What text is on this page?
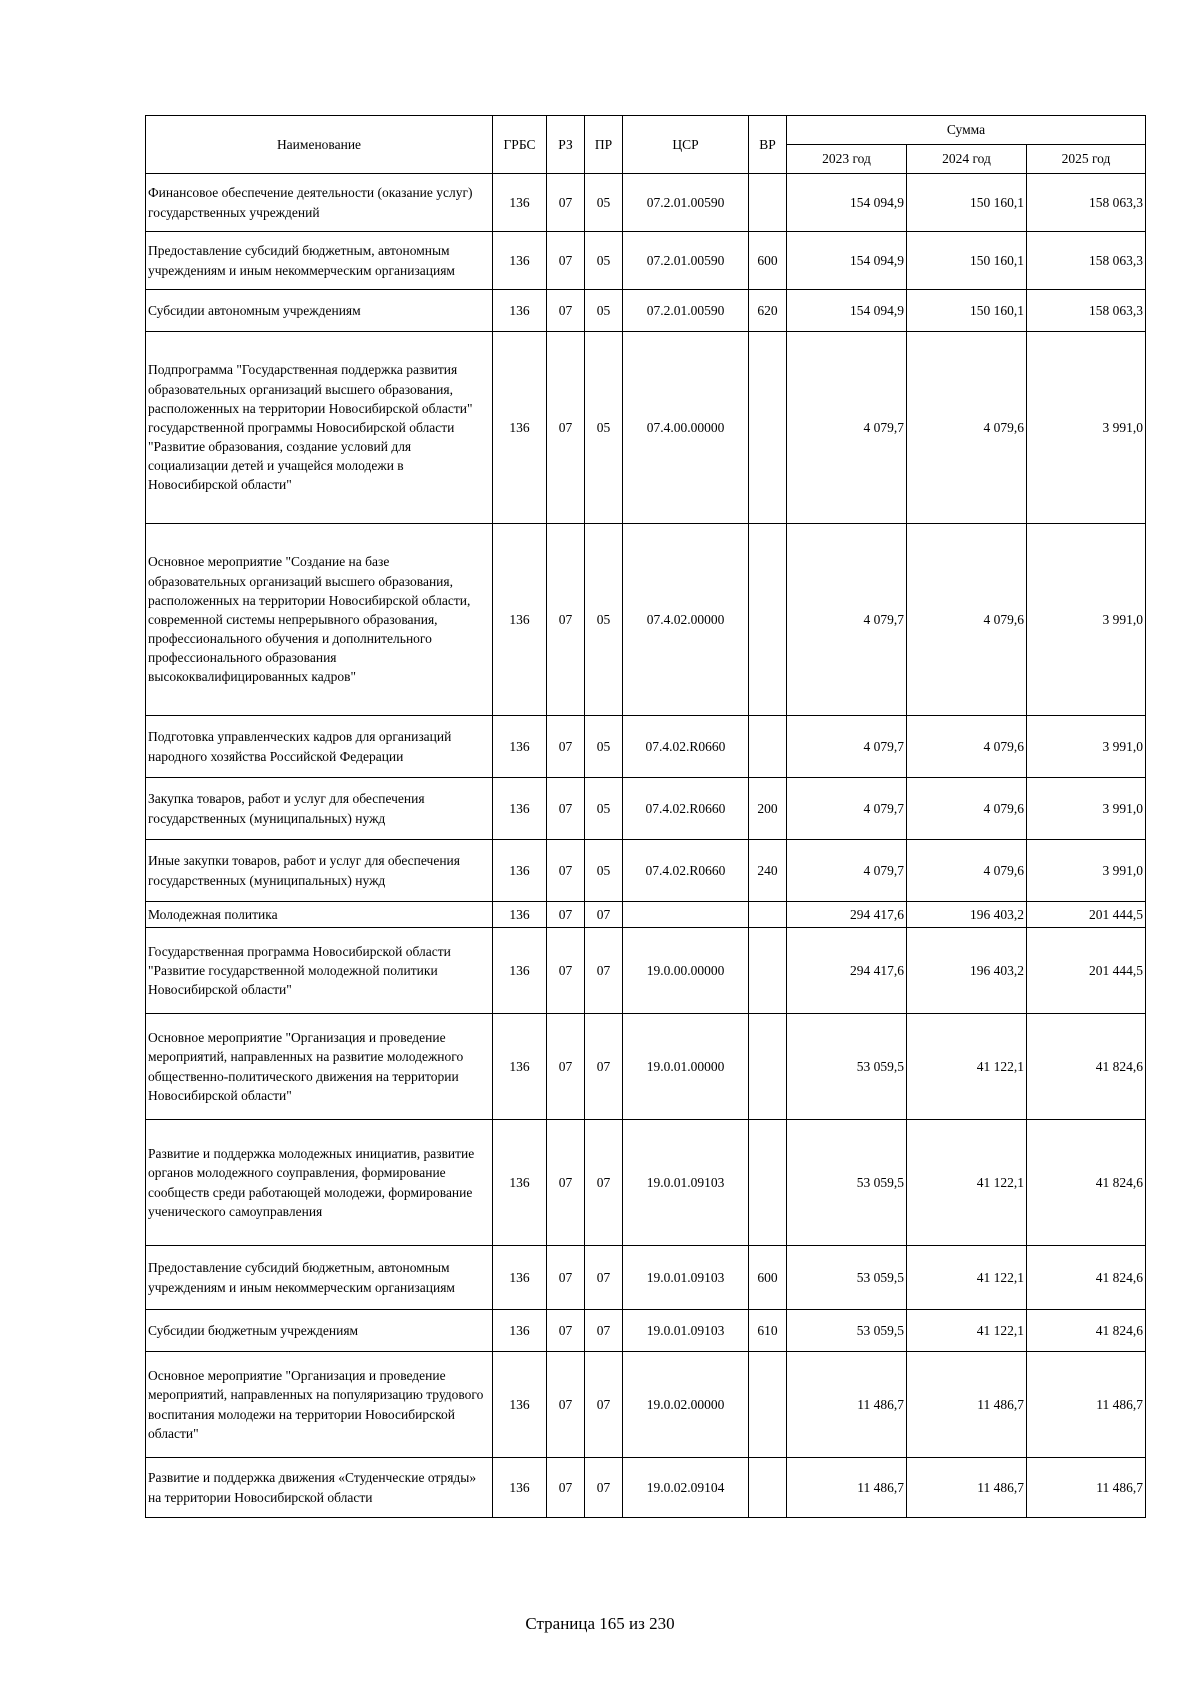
Наименование	ГРБС	РЗ	ПР	ЦСР	ВР	Сумма		
						2023 год	2024 год	2025 год
Финансовое обеспечение деятельности (оказание услуг) государственных учреждений	136	07	05	07.2.01.00590		154 094,9	150 160,1	158 063,3
Предоставление субсидий бюджетным, автономным учреждениям и иным некоммерческим организациям	136	07	05	07.2.01.00590	600	154 094,9	150 160,1	158 063,3
Субсидии автономным учреждениям	136	07	05	07.2.01.00590	620	154 094,9	150 160,1	158 063,3
Подпрограмма "Государственная поддержка развития образовательных организаций высшего образования, расположенных на территории Новосибирской области" государственной программы Новосибирской области "Развитие образования, создание условий для социализации детей и учащейся молодежи в Новосибирской области"	136	07	05	07.4.00.00000		4 079,7	4 079,6	3 991,0
Основное мероприятие "Создание на базе образовательных организаций высшего образования, расположенных на территории Новосибирской области, современной системы непрерывного образования, профессионального обучения и дополнительного профессионального образования высококвалифицированных кадров"	136	07	05	07.4.02.00000		4 079,7	4 079,6	3 991,0
Подготовка управленческих кадров для организаций народного хозяйства Российской Федерации	136	07	05	07.4.02.R0660		4 079,7	4 079,6	3 991,0
Закупка товаров, работ и услуг для обеспечения государственных (муниципальных) нужд	136	07	05	07.4.02.R0660	200	4 079,7	4 079,6	3 991,0
Иные закупки товаров, работ и услуг для обеспечения государственных (муниципальных) нужд	136	07	05	07.4.02.R0660	240	4 079,7	4 079,6	3 991,0
Молодежная политика	136	07	07			294 417,6	196 403,2	201 444,5
Государственная программа Новосибирской области "Развитие государственной молодежной политики Новосибирской области"	136	07	07	19.0.00.00000		294 417,6	196 403,2	201 444,5
Основное мероприятие "Организация и проведение мероприятий, направленных на развитие молодежного общественно-политического движения на территории Новосибирской области"	136	07	07	19.0.01.00000		53 059,5	41 122,1	41 824,6
Развитие и поддержка молодежных инициатив, развитие органов молодежного соуправления, формирование сообществ среди работающей молодежи, формирование ученического самоуправления	136	07	07	19.0.01.09103		53 059,5	41 122,1	41 824,6
Предоставление субсидий бюджетным, автономным учреждениям и иным некоммерческим организациям	136	07	07	19.0.01.09103	600	53 059,5	41 122,1	41 824,6
Субсидии бюджетным учреждениям	136	07	07	19.0.01.09103	610	53 059,5	41 122,1	41 824,6
Основное мероприятие "Организация и проведение мероприятий, направленных на популяризацию трудового воспитания молодежи на территории Новосибирской области"	136	07	07	19.0.02.00000		11 486,7	11 486,7	11 486,7
Развитие и поддержка движения «Студенческие отряды» на территории Новосибирской области	136	07	07	19.0.02.09104		11 486,7	11 486,7	11 486,7
Страница 165 из 230
